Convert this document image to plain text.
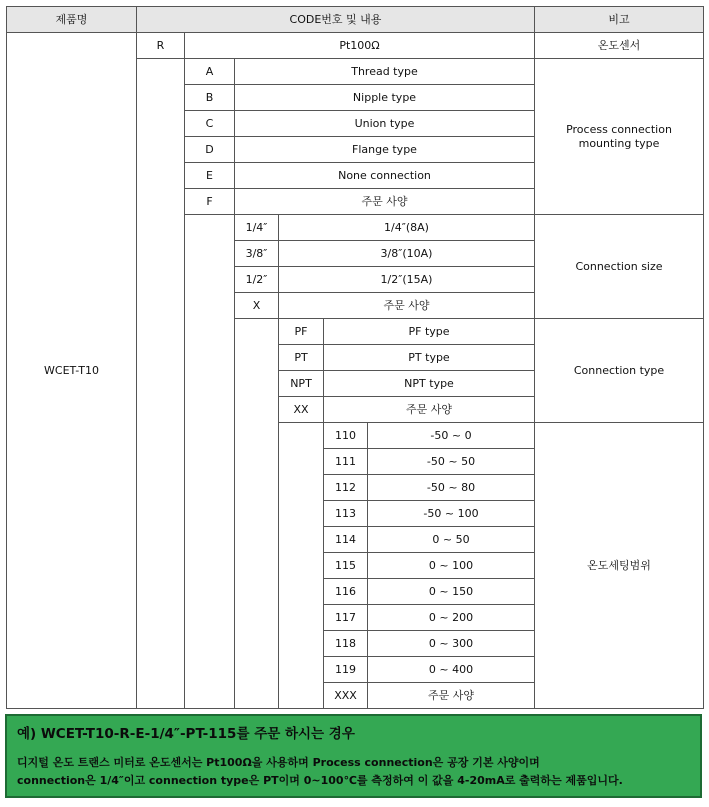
제품명	CODE번호 및 내용	비고
WCET-T10
R	Pt100Ω	온도센서
A	Thread type
B	Nipple type
C	Union type
D	Flange type
E	None connection
F	주문 사양
Process connection mounting type
1/4″	1/4″(8A)
3/8″	3/8″(10A)
1/2″	1/2″(15A)
X	주문 사양
Connection size
PF	PF type
PT	PT type
NPT	NPT type
XX	주문 사양
Connection type
110	-50 ~ 0
111	-50 ~ 50
112	-50 ~ 80
113	-50 ~ 100
114	0 ~ 50
115	0 ~ 100
116	0 ~ 150
117	0 ~ 200
118	0 ~ 300
119	0 ~ 400
XXX	주문 사양
온도세팅범위
예) WCET-T10-R-E-1/4″-PT-115를 주문 하시는 경우
디지털 온도 트랜스 미터로 온도센서는 Pt100Ω을 사용하며 Process connection은 공장 기본 사양이며
connection은 1/4″이고 connection type은 PT이며 0~100℃를 측정하여 이 값을 4-20mA로 출력하는 제품입니다.
